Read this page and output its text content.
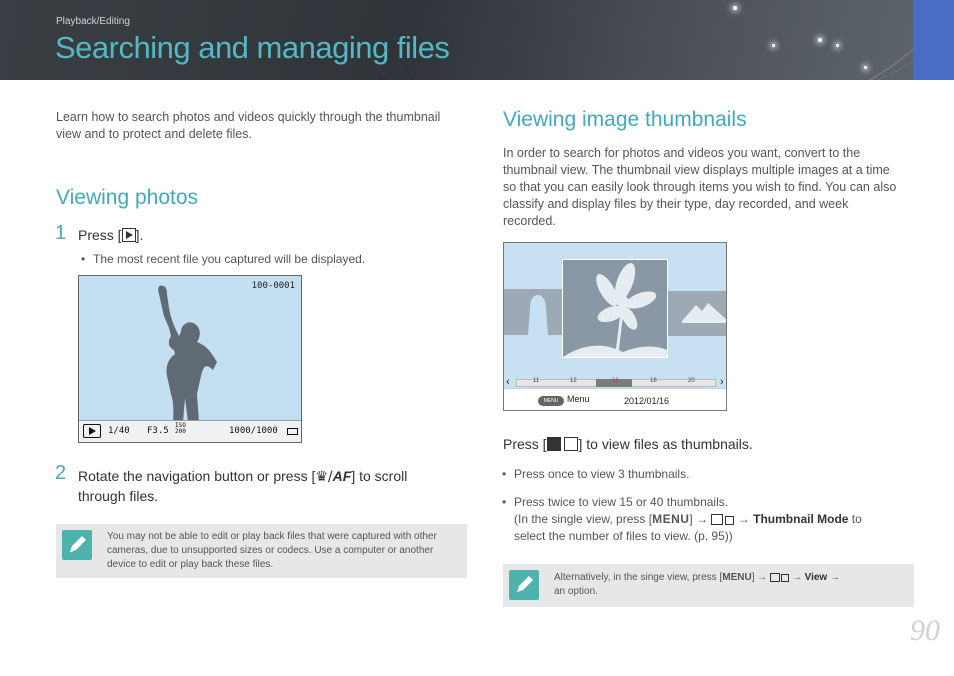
Playback/Editing
Searching and managing files
Learn how to search photos and videos quickly through the thumbnail view and to protect and delete files.
Viewing photos
1 Press [ ].
• The most recent file you captured will be displayed.
100-0001
1/40 F3.5
ISO
200	1000/1000
2 Rotate the navigation button or press [♛/AF] to scroll
through files.
You may not be able to edit or play back files that were captured with other cameras, due to unsupported sizes or codecs. Use a computer or another device to edit or play back these files.
Viewing image thumbnails
In order to search for photos and videos you want, convert to the thumbnail view. The thumbnail view displays multiple images at a time so that you can easily look through items you wish to find. You can also classify and display files by their type, day recorded, and week recorded.
‹	11	12	16	18	20 ›
MENU Menu	2012/01/16
Press [ ] to view files as thumbnails.
• Press once to view 3 thumbnails.
• Press twice to view 15 or 40 thumbnails.
(In the single view, press [MENU] → → Thumbnail Mode to
select the number of files to view. (p. 95))
Alternatively, in the singe view, press [MENU] → → View →
an option.
90
